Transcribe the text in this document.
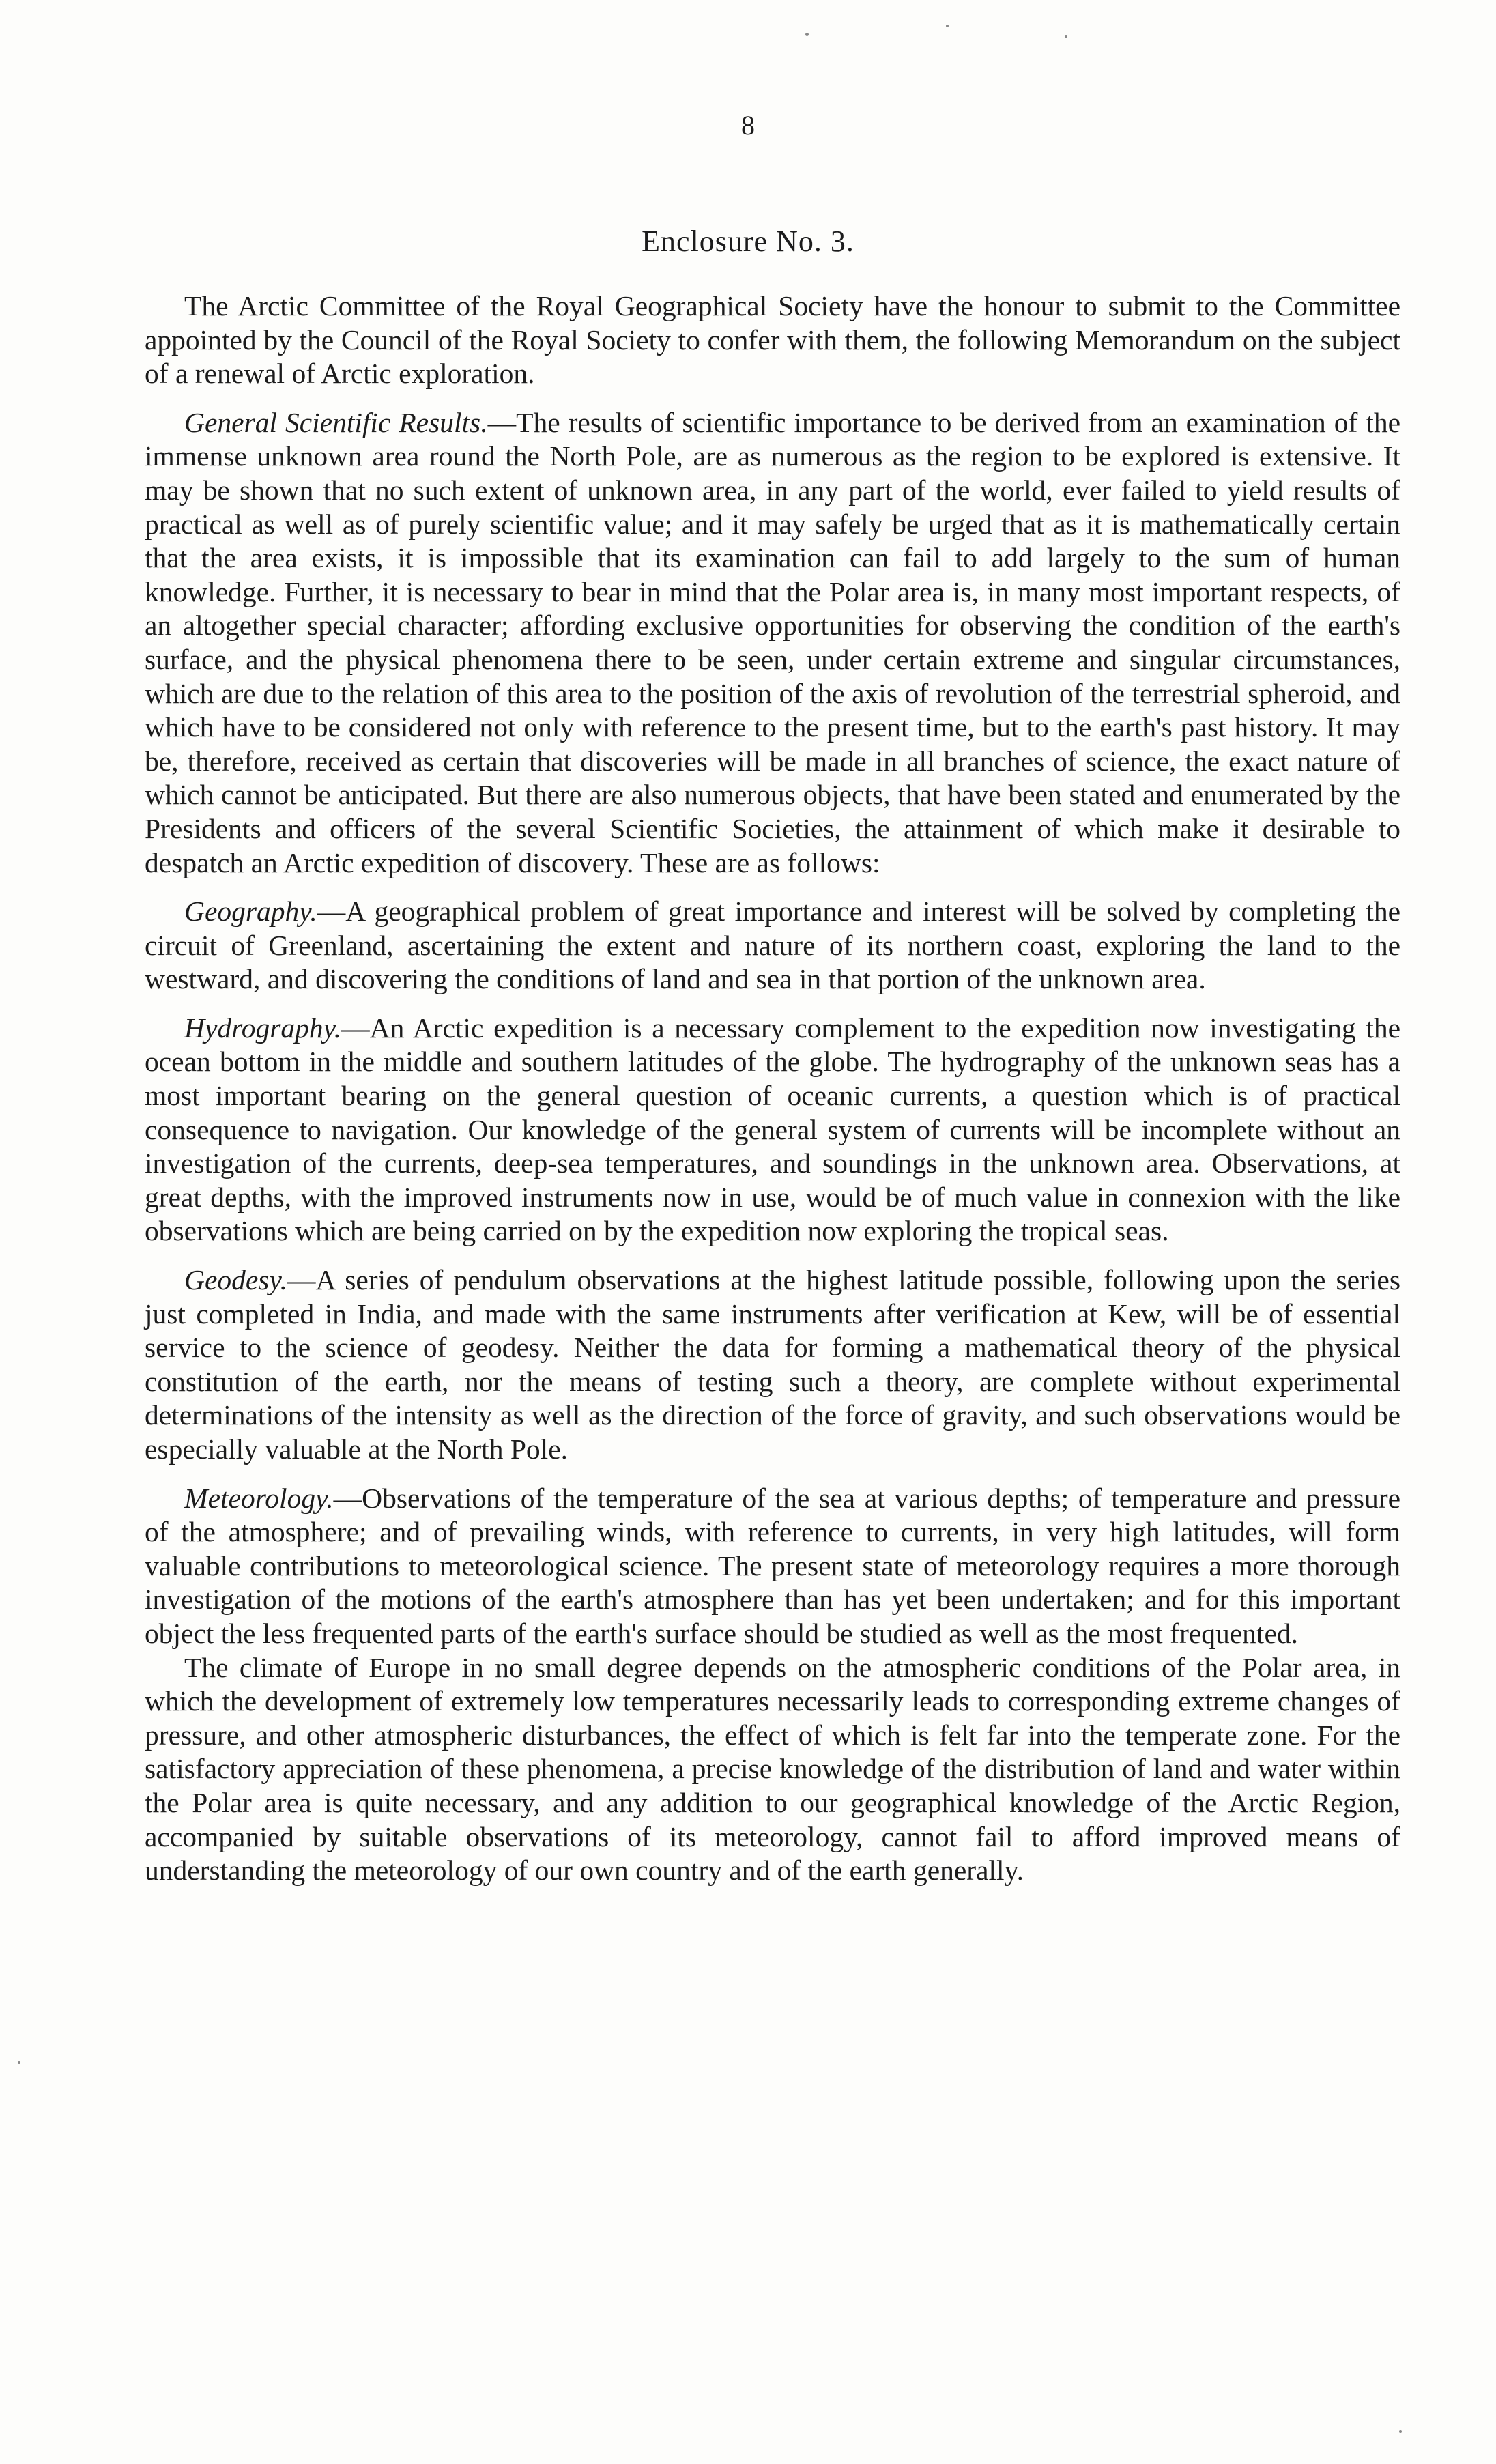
8
Enclosure No. 3.

The Arctic Committee of the Royal Geographical Society have the honour to submit to the Committee appointed by the Council of the Royal Society to confer with them, the following Memorandum on the subject of a renewal of Arctic exploration.

General Scientific Results.—The results of scientific importance to be derived from an examination of the immense unknown area round the North Pole, are as numerous as the region to be explored is extensive. It may be shown that no such extent of unknown area, in any part of the world, ever failed to yield results of practical as well as of purely scientific value; and it may safely be urged that as it is mathematically certain that the area exists, it is impossible that its examination can fail to add largely to the sum of human knowledge. Further, it is necessary to bear in mind that the Polar area is, in many most important respects, of an altogether special character; affording exclusive opportunities for observing the condition of the earth's surface, and the physical phenomena there to be seen, under certain extreme and singular circumstances, which are due to the relation of this area to the position of the axis of revolution of the terrestrial spheroid, and which have to be considered not only with reference to the present time, but to the earth's past history. It may be, therefore, received as certain that discoveries will be made in all branches of science, the exact nature of which cannot be anticipated. But there are also numerous objects, that have been stated and enumerated by the Presidents and officers of the several Scientific Societies, the attainment of which make it desirable to despatch an Arctic expedition of discovery. These are as follows:

Geography.—A geographical problem of great importance and interest will be solved by completing the circuit of Greenland, ascertaining the extent and nature of its northern coast, exploring the land to the westward, and discovering the conditions of land and sea in that portion of the unknown area.

Hydrography.—An Arctic expedition is a necessary complement to the expedition now investigating the ocean bottom in the middle and southern latitudes of the globe. The hydrography of the unknown seas has a most important bearing on the general question of oceanic currents, a question which is of practical consequence to navigation. Our knowledge of the general system of currents will be incomplete without an investigation of the currents, deep-sea temperatures, and soundings in the unknown area. Observations, at great depths, with the improved instruments now in use, would be of much value in connexion with the like observations which are being carried on by the expedition now exploring the tropical seas.

Geodesy.—A series of pendulum observations at the highest latitude possible, following upon the series just completed in India, and made with the same instruments after verification at Kew, will be of essential service to the science of geodesy. Neither the data for forming a mathematical theory of the physical constitution of the earth, nor the means of testing such a theory, are complete without experimental determinations of the intensity as well as the direction of the force of gravity, and such observations would be especially valuable at the North Pole.

Meteorology.—Observations of the temperature of the sea at various depths; of temperature and pressure of the atmosphere; and of prevailing winds, with reference to currents, in very high latitudes, will form valuable contributions to meteorological science. The present state of meteorology requires a more thorough investigation of the motions of the earth's atmosphere than has yet been undertaken; and for this important object the less frequented parts of the earth's surface should be studied as well as the most frequented.

The climate of Europe in no small degree depends on the atmospheric conditions of the Polar area, in which the development of extremely low temperatures necessarily leads to corresponding extreme changes of pressure, and other atmospheric disturbances, the effect of which is felt far into the temperate zone. For the satisfactory appreciation of these phenomena, a precise knowledge of the distribution of land and water within the Polar area is quite necessary, and any addition to our geographical knowledge of the Arctic Region, accompanied by suitable observations of its meteorology, cannot fail to afford improved means of understanding the meteorology of our own country and of the earth generally.
